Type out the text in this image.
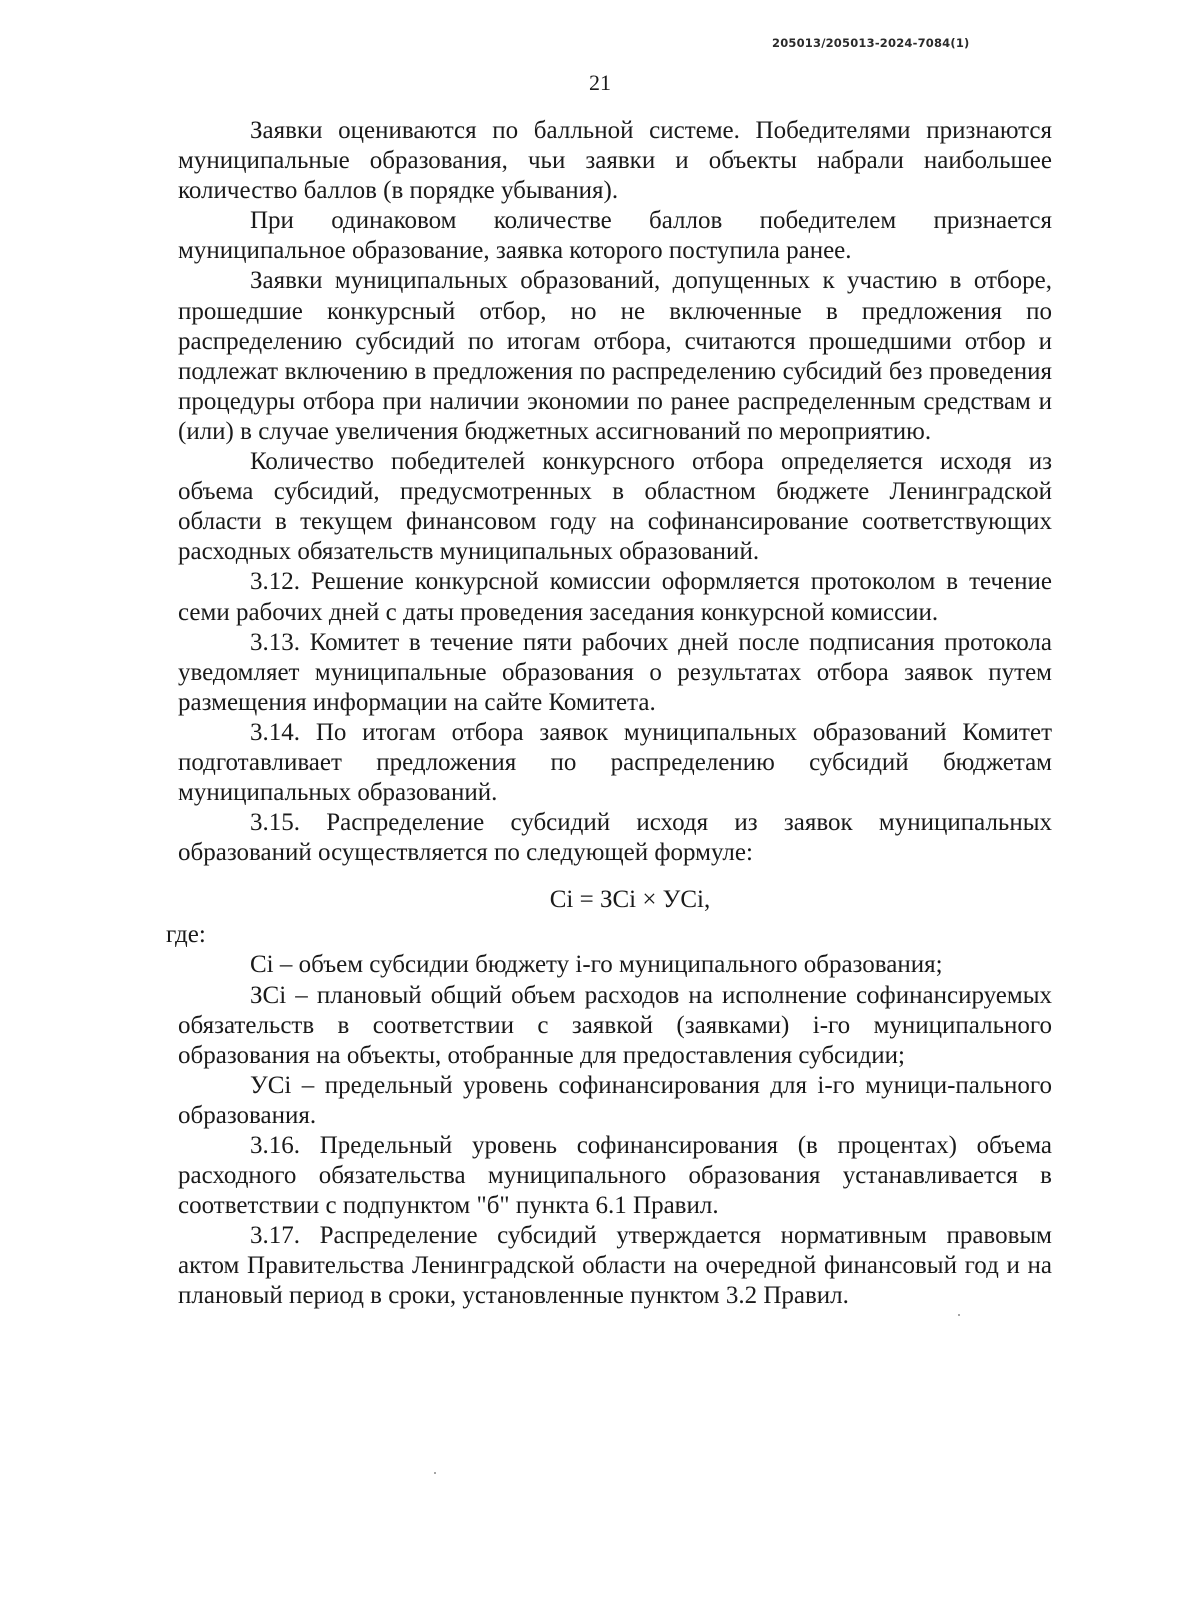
205013/205013-2024-7084(1)
21

Заявки оцениваются по балльной системе. Победителями признаются муниципальные образования, чьи заявки и объекты набрали наибольшее количество баллов (в порядке убывания).

При одинаковом количестве баллов победителем признается муниципальное образование, заявка которого поступила ранее.

Заявки муниципальных образований, допущенных к участию в отборе, прошедшие конкурсный отбор, но не включенные в предложения по распределению субсидий по итогам отбора, считаются прошедшими отбор и подлежат включению в предложения по распределению субсидий без проведения процедуры отбора при наличии экономии по ранее распределенным средствам и (или) в случае увеличения бюджетных ассигнований по мероприятию.

Количество победителей конкурсного отбора определяется исходя из объема субсидий, предусмотренных в областном бюджете Ленинградской области в текущем финансовом году на софинансирование соответствующих расходных обязательств муниципальных образований.

3.12. Решение конкурсной комиссии оформляется протоколом в течение семи рабочих дней с даты проведения заседания конкурсной комиссии.

3.13. Комитет в течение пяти рабочих дней после подписания протокола уведомляет муниципальные образования о результатах отбора заявок путем размещения информации на сайте Комитета.

3.14. По итогам отбора заявок муниципальных образований Комитет подготавливает предложения по распределению субсидий бюджетам муниципальных образований.

3.15. Распределение субсидий исходя из заявок муниципальных образований осуществляется по следующей формуле:

Ci = ЗСi × УСi,

где:

Ci – объем субсидии бюджету i-го муниципального образования;

ЗСi – плановый общий объем расходов на исполнение софинансируемых обязательств в соответствии с заявкой (заявками) i-го муниципального образования на объекты, отобранные для предоставления субсидии;

УСi – предельный уровень софинансирования для i-го муници-пального образования.

3.16. Предельный уровень софинансирования (в процентах) объема расходного обязательства муниципального образования устанавливается в соответствии с подпунктом "б" пункта 6.1 Правил.

3.17. Распределение субсидий утверждается нормативным правовым актом Правительства Ленинградской области на очередной финансовый год и на плановый период в сроки, установленные пунктом 3.2 Правил.
